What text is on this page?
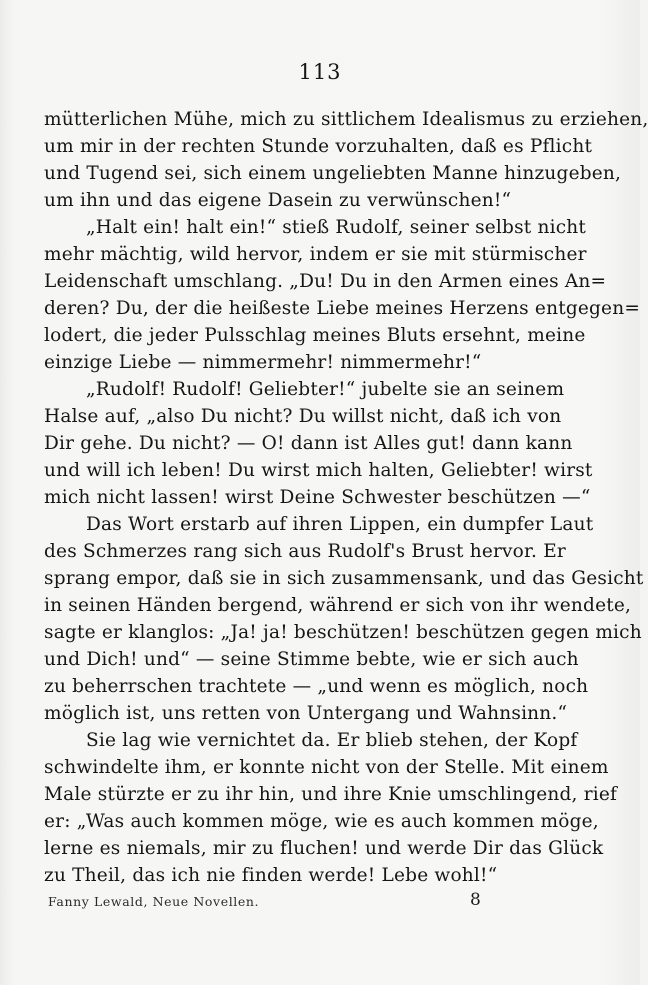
113

mütterlichen Mühe, mich zu sittlichem Idealismus zu erziehen,
um mir in der rechten Stunde vorzuhalten, daß es Pflicht
und Tugend sei, sich einem ungeliebten Manne hinzugeben,
um ihn und das eigene Dasein zu verwünschen!“

„Halt ein! halt ein!“ stieß Rudolf, seiner selbst nicht
mehr mächtig, wild hervor, indem er sie mit stürmischer
Leidenschaft umschlang. „Du! Du in den Armen eines An=
deren? Du, der die heißeste Liebe meines Herzens entgegen=
lodert, die jeder Pulsschlag meines Bluts ersehnt, meine
einzige Liebe — nimmermehr! nimmermehr!“

„Rudolf! Rudolf! Geliebter!“ jubelte sie an seinem
Halse auf, „also Du nicht? Du willst nicht, daß ich von
Dir gehe. Du nicht? — O! dann ist Alles gut! dann kann
und will ich leben! Du wirst mich halten, Geliebter! wirst
mich nicht lassen! wirst Deine Schwester beschützen —“

Das Wort erstarb auf ihren Lippen, ein dumpfer Laut
des Schmerzes rang sich aus Rudolf's Brust hervor. Er
sprang empor, daß sie in sich zusammensank, und das Gesicht
in seinen Händen bergend, während er sich von ihr wendete,
sagte er klanglos: „Ja! ja! beschützen! beschützen gegen mich
und Dich! und“ — seine Stimme bebte, wie er sich auch
zu beherrschen trachtete — „und wenn es möglich, noch
möglich ist, uns retten von Untergang und Wahnsinn.“

Sie lag wie vernichtet da. Er blieb stehen, der Kopf
schwindelte ihm, er konnte nicht von der Stelle. Mit einem
Male stürzte er zu ihr hin, und ihre Knie umschlingend, rief
er: „Was auch kommen möge, wie es auch kommen möge,
lerne es niemals, mir zu fluchen! und werde Dir das Glück
zu Theil, das ich nie finden werde! Lebe wohl!“

Fanny Lewald, Neue Novellen.	8
